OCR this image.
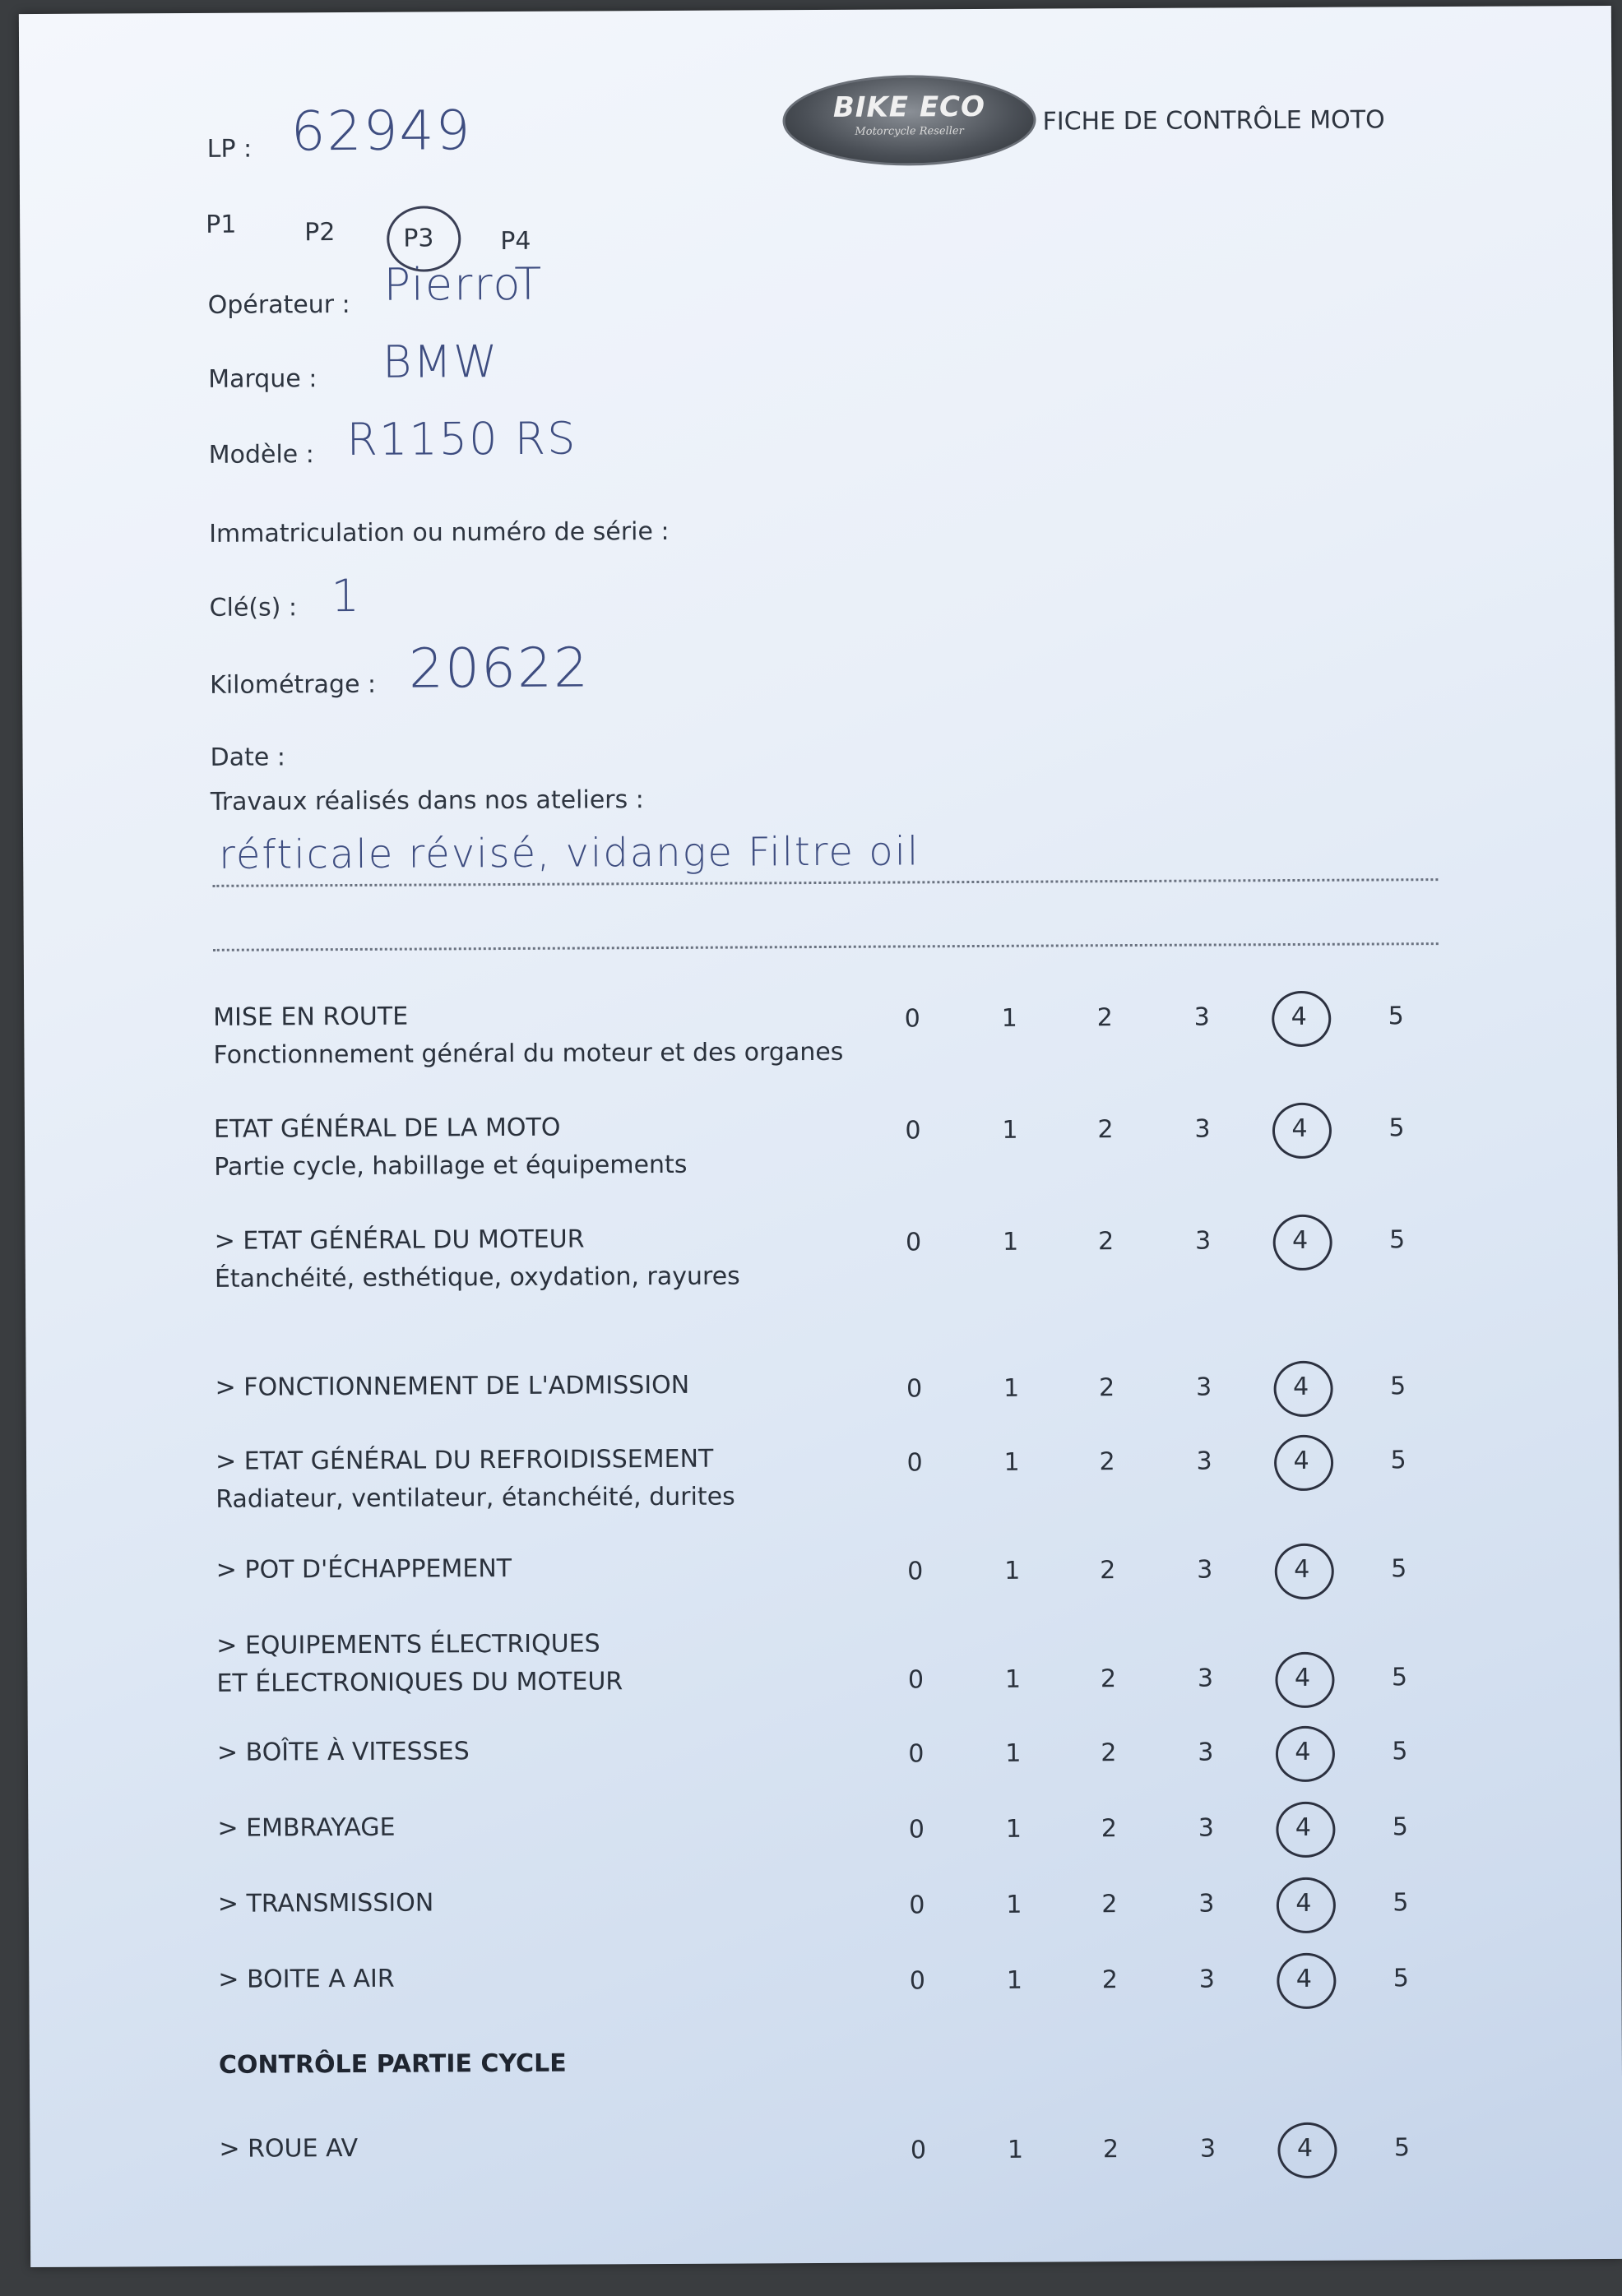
BIKE ECO
Motorcycle Reseller	FICHE DE CONTRÔLE MOTO
LP : 62949
P1	P2	P3	P4
Opérateur : PierroT
Marque : BMW
Modèle : R1150 RS
Immatriculation ou numéro de série :
Clé(s) : 1
Kilométrage : 20622
Date :
Travaux réalisés dans nos ateliers :
réfticale révisé, vidange Filtre oil
MISE EN ROUTE
Fonctionnement général du moteur et des organes
0	1	2	3	4	5
ETAT GÉNÉRAL DE LA MOTO
Partie cycle, habillage et équipements
0	1	2	3	4	5
> ETAT GÉNÉRAL DU MOTEUR
Étanchéité, esthétique, oxydation, rayures
0	1	2	3	4	5
> FONCTIONNEMENT DE L'ADMISSION	0	1	2	3	4	5
> ETAT GÉNÉRAL DU REFROIDISSEMENT
Radiateur, ventilateur, étanchéité, durites
0	1	2	3	4	5
> POT D'ÉCHAPPEMENT	0	1	2	3	4	5
> EQUIPEMENTS ÉLECTRIQUES
ET ÉLECTRONIQUES DU MOTEUR	0	1	2	3	4	5
> BOÎTE À VITESSES	0	1	2	3	4	5
> EMBRAYAGE	0	1	2	3	4	5
> TRANSMISSION	0	1	2	3	4	5
> BOITE A AIR	0	1	2	3	4	5
CONTRÔLE PARTIE CYCLE
> ROUE AV	0	1	2	3	4	5
